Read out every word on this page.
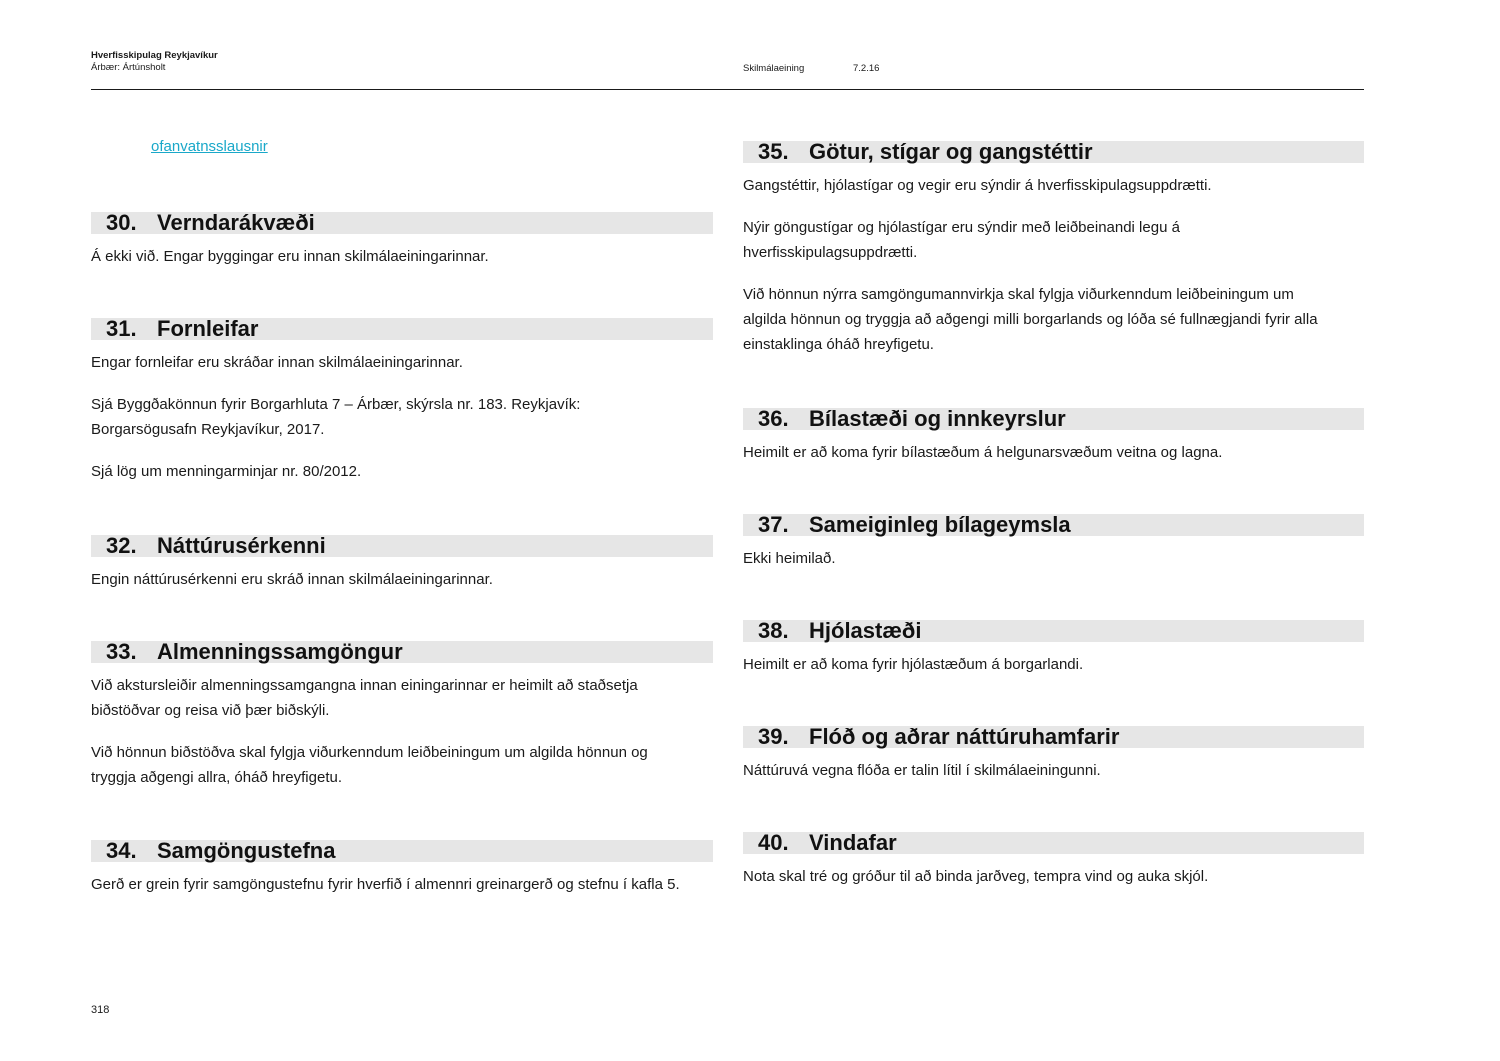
Hverfisskipulag Reykjavíkur
Árbær: Ártúnsholt	Skilmálaeining	7.2.16
ofanvatnsslausnir
30. Verndarákvæði

Á ekki við. Engar byggingar eru innan skilmálaeiningarinnar.

31. Fornleifar

Engar fornleifar eru skráðar innan skilmálaeiningarinnar.

Sjá Byggðakönnun fyrir Borgarhluta 7 – Árbær, skýrsla nr. 183. Reykjavík: Borgarsögusafn Reykjavíkur, 2017.

Sjá lög um menningarminjar nr. 80/2012.

32. Náttúrusérkenni

Engin náttúrusérkenni eru skráð innan skilmálaeiningarinnar.

33. Almenningssamgöngur

Við akstursleiðir almenningssamgangna innan einingarinnar er heimilt að staðsetja biðstöðvar og reisa við þær biðskýli.

Við hönnun biðstöðva skal fylgja viðurkenndum leiðbeiningum um algilda hönnun og tryggja aðgengi allra, óháð hreyfigetu.

34. Samgöngustefna

Gerð er grein fyrir samgöngustefnu fyrir hverfið í almennri greinargerð og stefnu í kafla 5.

35. Götur, stígar og gangstéttir

Gangstéttir, hjólastígar og vegir eru sýndir á hverfisskipulagsuppdrætti.

Nýir göngustígar og hjólastígar eru sýndir með leiðbeinandi legu á hverfisskipulagsuppdrætti.

Við hönnun nýrra samgöngumannvirkja skal fylgja viðurkenndum leiðbeiningum um algilda hönnun og tryggja að aðgengi milli borgarlands og lóða sé fullnægjandi fyrir alla einstaklinga óháð hreyfigetu.

36. Bílastæði og innkeyrslur

Heimilt er að koma fyrir bílastæðum á helgunarsvæðum veitna og lagna.

37. Sameiginleg bílageymsla

Ekki heimilað.

38. Hjólastæði

Heimilt er að koma fyrir hjólastæðum á borgarlandi.

39. Flóð og aðrar náttúruhamfarir

Náttúruvá vegna flóða er talin lítil í skilmálaeiningunni.

40. Vindafar

Nota skal tré og gróður til að binda jarðveg, tempra vind og auka skjól.

318
